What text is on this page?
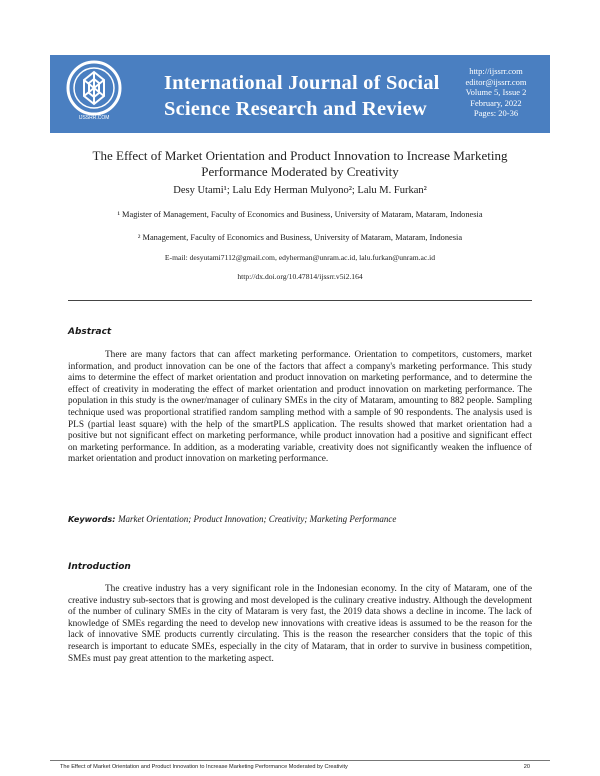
IJSSRR.COM
International Journal of Social Science Research and Review
http://ijssrr.com
editor@ijssrr.com
Volume 5, Issue 2
February, 2022
Pages: 20-36
The Effect of Market Orientation and Product Innovation to Increase Marketing Performance Moderated by Creativity
Desy Utami¹; Lalu Edy Herman Mulyono²; Lalu M. Furkan²
¹ Magister of Management, Faculty of Economics and Business, University of Mataram, Mataram, Indonesia
² Management, Faculty of Economics and Business, University of Mataram, Mataram, Indonesia
E-mail: desyutami7112@gmail.com, edyherman@unram.ac.id, lalu.furkan@unram.ac.id
http://dx.doi.org/10.47814/ijssrr.v5i2.164
Abstract
There are many factors that can affect marketing performance. Orientation to competitors, customers, market information, and product innovation can be one of the factors that affect a company's marketing performance. This study aims to determine the effect of market orientation and product innovation on marketing performance, and to determine the effect of creativity in moderating the effect of market orientation and product innovation on marketing performance. The population in this study is the owner/manager of culinary SMEs in the city of Mataram, amounting to 882 people. Sampling technique used was proportional stratified random sampling method with a sample of 90 respondents. The analysis used is PLS (partial least square) with the help of the smartPLS application. The results showed that market orientation had a positive but not significant effect on marketing performance, while product innovation had a positive and significant effect on marketing performance. In addition, as a moderating variable, creativity does not significantly weaken the influence of market orientation and product innovation on marketing performance.
Keywords: Market Orientation; Product Innovation; Creativity; Marketing Performance
Introduction
The creative industry has a very significant role in the Indonesian economy. In the city of Mataram, one of the creative industry sub-sectors that is growing and most developed is the culinary creative industry. Although the development of the number of culinary SMEs in the city of Mataram is very fast, the 2019 data shows a decline in income. The lack of knowledge of SMEs regarding the need to develop new innovations with creative ideas is assumed to be the reason for the lack of innovative SME products currently circulating. This is the reason the researcher considers that the topic of this research is important to educate SMEs, especially in the city of Mataram, that in order to survive in business competition, SMEs must pay great attention to the marketing aspect.
The Effect of Market Orientation and Product Innovation to Increase Marketing Performance Moderated by Creativity	20
